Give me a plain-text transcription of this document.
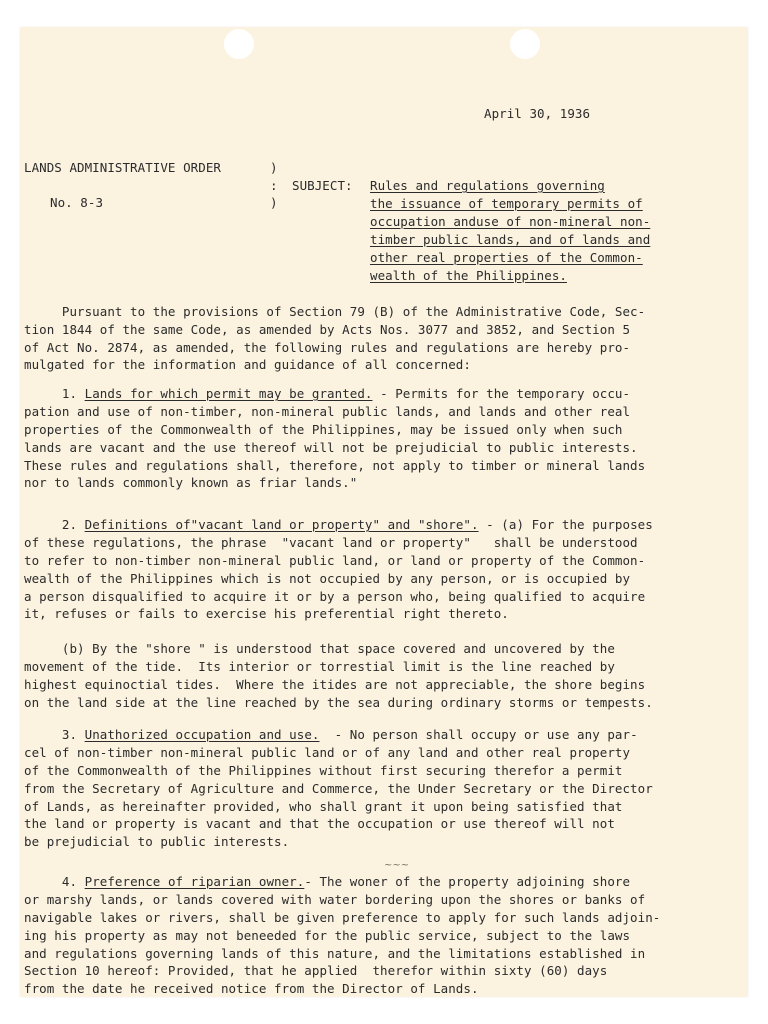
April 30, 1936
LANDS ADMINISTRATIVE ORDER
No. 8-3
)
:
)
SUBJECT: Rules and regulations governing
the issuance of temporary permits of
occupation anduse of non-mineral non-
timber public lands, and of lands and
other real properties of the Common-
wealth of the Philippines.
Pursuant to the provisions of Section 79 (B) of the Administrative Code, Sec-
tion 1844 of the same Code, as amended by Acts Nos. 3077 and 3852, and Section 5
of Act No. 2874, as amended, the following rules and regulations are hereby pro-
mulgated for the information and guidance of all concerned:
1. Lands for which permit may be granted. - Permits for the temporary occu-
pation and use of non-timber, non-mineral public lands, and lands and other real
properties of the Commonwealth of the Philippines, may be issued only when such
lands are vacant and the use thereof will not be prejudicial to public interests.
These rules and regulations shall, therefore, not apply to timber or mineral lands
nor to lands commonly known as friar lands."
2. Definitions of"vacant land or property" and "shore". - (a) For the purposes
of these regulations, the phrase  "vacant land or property"   shall be understood
to refer to non-timber non-mineral public land, or land or property of the Common-
wealth of the Philippines which is not occupied by any person, or is occupied by
a person disqualified to acquire it or by a person who, being qualified to acquire
it, refuses or fails to exercise his preferential right thereto.
(b) By the "shore " is understood that space covered and uncovered by the
movement of the tide.  Its interior or torrestial limit is the line reached by
highest equinoctial tides.  Where the itides are not appreciable, the shore begins
on the land side at the line reached by the sea during ordinary storms or tempests.
3. Unathorized occupation and use.  - No person shall occupy or use any par-
cel of non-timber non-mineral public land or of any land and other real property
of the Commonwealth of the Philippines without first securing therefor a permit
from the Secretary of Agriculture and Commerce, the Under Secretary or the Director
of Lands, as hereinafter provided, who shall grant it upon being satisfied that
the land or property is vacant and that the occupation or use thereof will not
be prejudicial to public interests.
4. Preference of riparian owner.- The woner of the property adjoining shore
or marshy lands, or lands covered with water bordering upon the shores or banks of
navigable lakes or rivers, shall be given preference to apply for such lands adjoin-
ing his property as may not beneeded for the public service, subject to the laws
and regulations governing lands of this nature, and the limitations established in
Section 10 hereof: Provided, that he applied  therefor within sixty (60) days
from the date he received notice from the Director of Lands.
~~~
